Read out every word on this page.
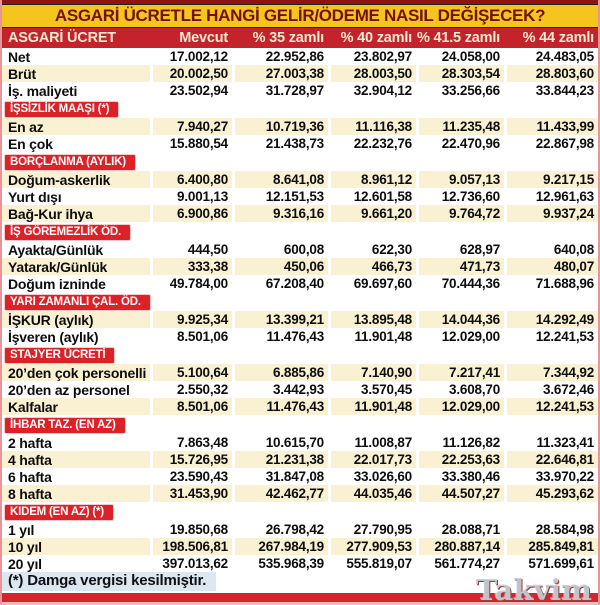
ASGARİ ÜCRETLE HANGİ GELİR/ÖDEME NASIL DEĞİŞECEK?
ASGARİ ÜCRET	Mevcut	% 35 zamlı	% 40 zamlı	% 41.5 zamlı	% 44 zamlı
Net	17.002,12	22.952,86	23.802,97	24.058,00	24.483,05
Brüt	20.002,50	27.003,38	28.003,50	28.303,54	28.803,60
İş. maliyeti	23.502,94	31.728,97	32.904,12	33.256,66	33.844,23
İŞSİZLİK MAAŞI (*)					
En az	7.940,27	10.719,36	11.116,38	11.235,48	11.433,99
En çok	15.880,54	21.438,73	22.232,76	22.470,96	22.867,98
BORÇLANMA (AYLIK)					
Doğum-askerlik	6.400,80	8.641,08	8.961,12	9.057,13	9.217,15
Yurt dışı	9.001,13	12.151,53	12.601,58	12.736,60	12.961,63
Bağ-Kur ihya	6.900,86	9.316,16	9.661,20	9.764,72	9.937,24
İŞ GÖREMEZLİK ÖD.					
Ayakta/Günlük	444,50	600,08	622,30	628,97	640,08
Yatarak/Günlük	333,38	450,06	466,73	471,73	480,07
Doğum izninde	49.784,00	67.208,40	69.697,60	70.444,36	71.688,96
YARI ZAMANLI ÇAL. ÖD.					
İŞKUR (aylık)	9.925,34	13.399,21	13.895,48	14.044,36	14.292,49
İşveren (aylık)	8.501,06	11.476,43	11.901,48	12.029,00	12.241,53
STAJYER ÜCRETİ					
20’den çok personelli	5.100,64	6.885,86	7.140,90	7.217,41	7.344,92
20’den az personel	2.550,32	3.442,93	3.570,45	3.608,70	3.672,46
Kalfalar	8.501,06	11.476,43	11.901,48	12.029,00	12.241,53
İHBAR TAZ. (EN AZ)					
2 hafta	7.863,48	10.615,70	11.008,87	11.126,82	11.323,41
4 hafta	15.726,95	21.231,38	22.017,73	22.253,63	22.646,81
6 hafta	23.590,43	31.847,08	33.026,60	33.380,46	33.970,22
8 hafta	31.453,90	42.462,77	44.035,46	44.507,27	45.293,62
KIDEM (EN AZ) (*)					
1 yıl	19.850,68	26.798,42	27.790,95	28.088,71	28.584,98
10 yıl	198.506,81	267.984,19	277.909,53	280.887,14	285.849,81
20 yıl	397.013,62	535.968,39	555.819,07	561.774,27	571.699,61
(*) Damga vergisi kesilmiştir.	Takvim
